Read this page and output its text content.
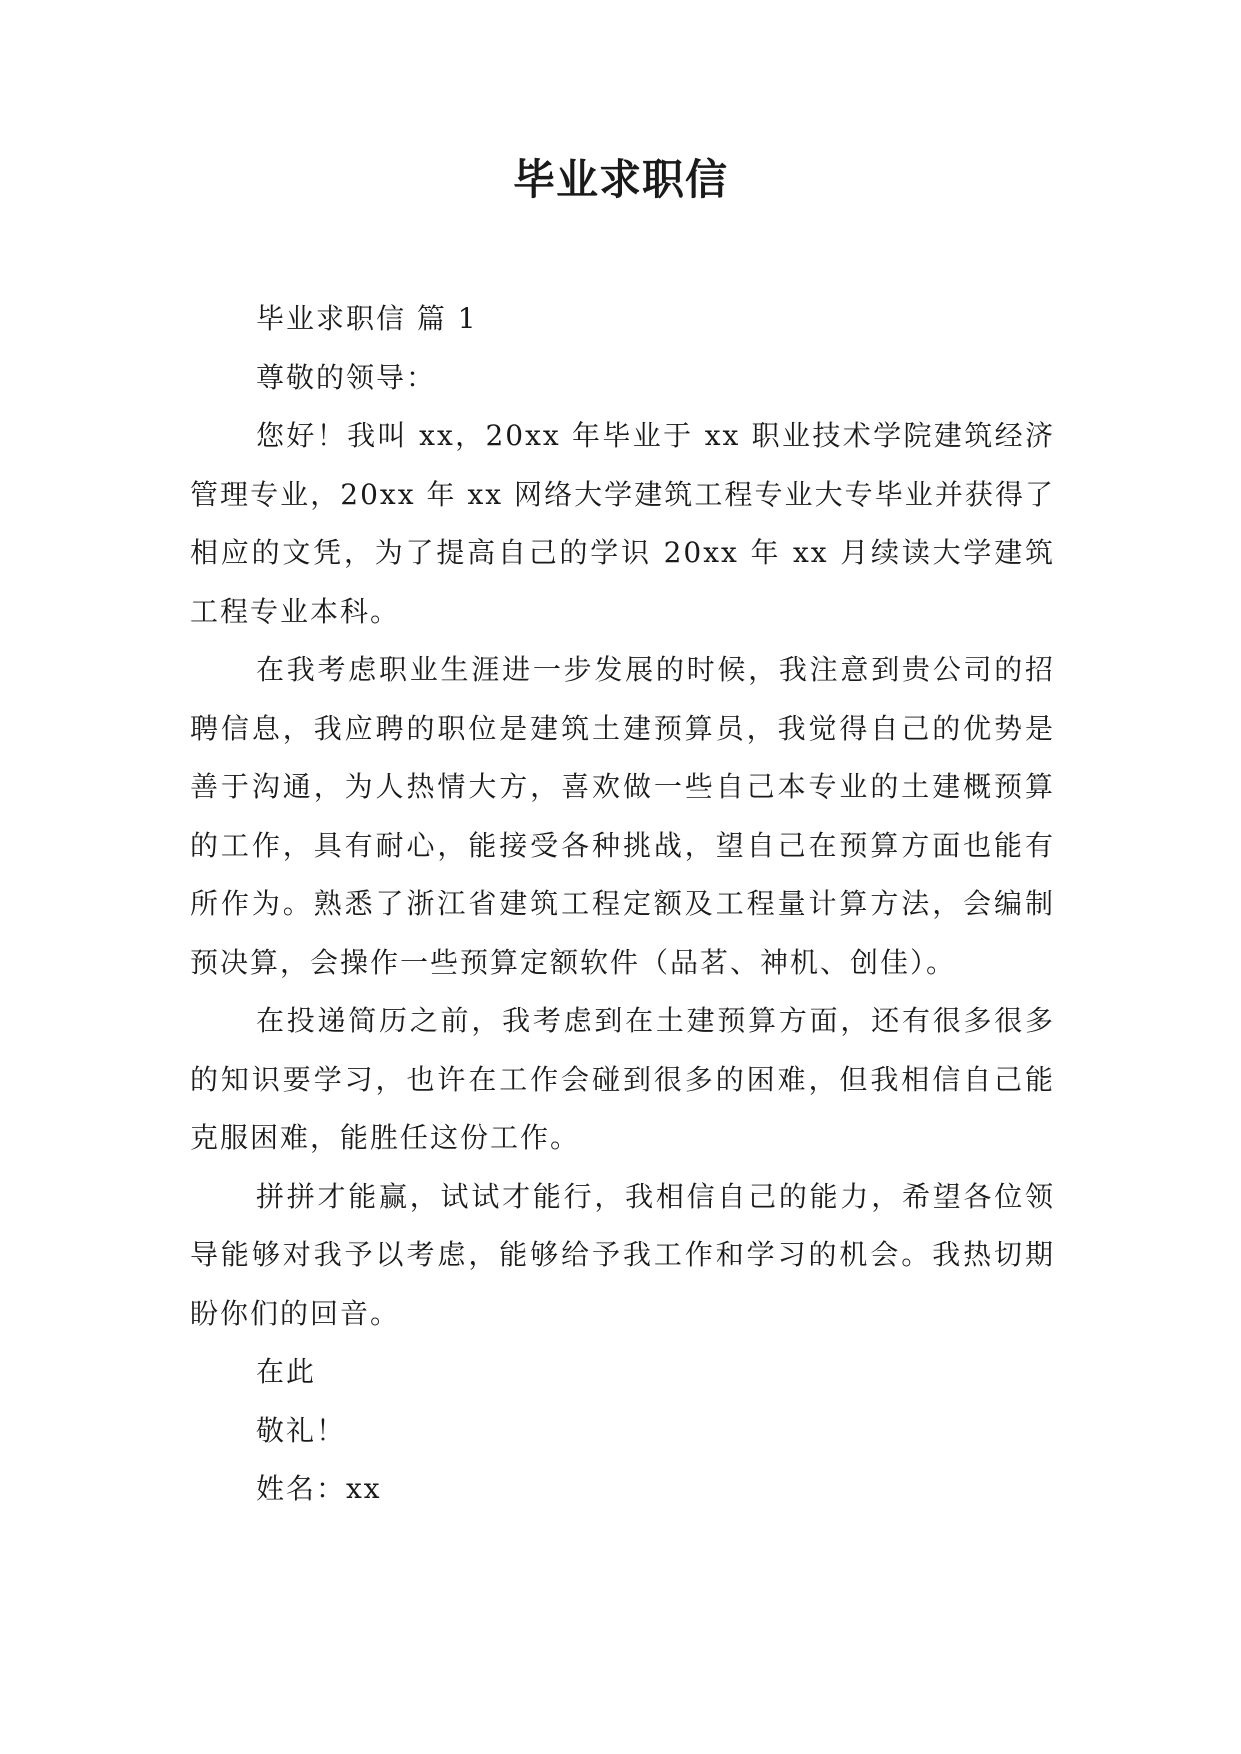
毕业求职信

毕业求职信 篇 1

尊敬的领导：

您好！我叫 xx，20xx 年毕业于 xx 职业技术学院建筑经济管理专业，20xx 年 xx 网络大学建筑工程专业大专毕业并获得了相应的文凭，为了提高自己的学识 20xx 年 xx 月续读大学建筑工程专业本科。

在我考虑职业生涯进一步发展的时候，我注意到贵公司的招聘信息，我应聘的职位是建筑土建预算员，我觉得自己的优势是善于沟通，为人热情大方，喜欢做一些自己本专业的土建概预算的工作，具有耐心，能接受各种挑战，望自己在预算方面也能有所作为。熟悉了浙江省建筑工程定额及工程量计算方法，会编制预决算，会操作一些预算定额软件（品茗、神机、创佳）。

在投递简历之前，我考虑到在土建预算方面，还有很多很多的知识要学习，也许在工作会碰到很多的困难，但我相信自己能克服困难，能胜任这份工作。

拼拼才能赢，试试才能行，我相信自己的能力，希望各位领导能够对我予以考虑，能够给予我工作和学习的机会。我热切期盼你们的回音。

在此

敬礼！

姓名：xx
